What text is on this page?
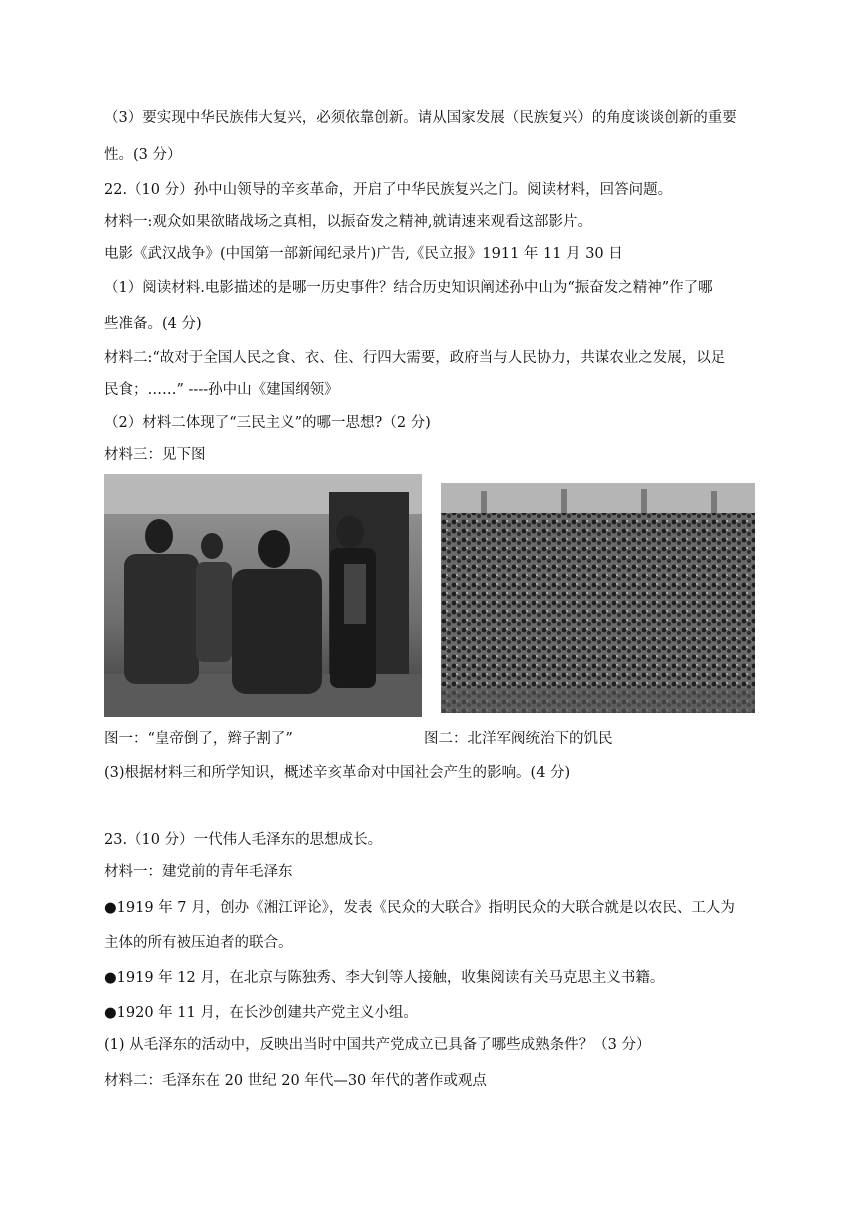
（3）要实现中华民族伟大复兴，必须依靠创新。请从国家发展（民族复兴）的角度谈谈创新的重要
性。(3 分）
22.（10 分）孙中山领导的辛亥革命，开启了中华民族复兴之门。阅读材料，回答问题。
材料一:观众如果欲睹战场之真相，以振奋发之精神,就请速来观看这部影片。
电影《武汉战争》(中国第一部新闻纪录片)广告,《民立报》1911 年 11 月 30 日
（1）阅读材料.电影描述的是哪一历史事件？结合历史知识阐述孙中山为“振奋发之精神”作了哪
些准备。(4 分)
材料二:“故对于全国人民之食、衣、住、行四大需要，政府当与人民协力，共谋农业之发展，以足
民食；……” ----孙中山《建国纲领》
（2）材料二体现了“三民主义”的哪一思想?（2 分)
材料三：见下图
图一：“皇帝倒了，辫子割了”	图二：北洋军阀统治下的饥民
(3)根据材料三和所学知识，概述辛亥革命对中国社会产生的影响。(4 分)
23.（10 分）一代伟人毛泽东的思想成长。
材料一：建党前的青年毛泽东
●1919 年 7 月，创办《湘江评论》，发表《民众的大联合》指明民众的大联合就是以农民、工人为
主体的所有被压迫者的联合。
●1919 年 12 月，在北京与陈独秀、李大钊等人接触，收集阅读有关马克思主义书籍。
●1920 年 11 月，在长沙创建共产党主义小组。
(1) 从毛泽东的活动中，反映出当时中国共产党成立已具备了哪些成熟条件？（3 分）
材料二：毛泽东在 20 世纪 20 年代—30 年代的著作或观点
